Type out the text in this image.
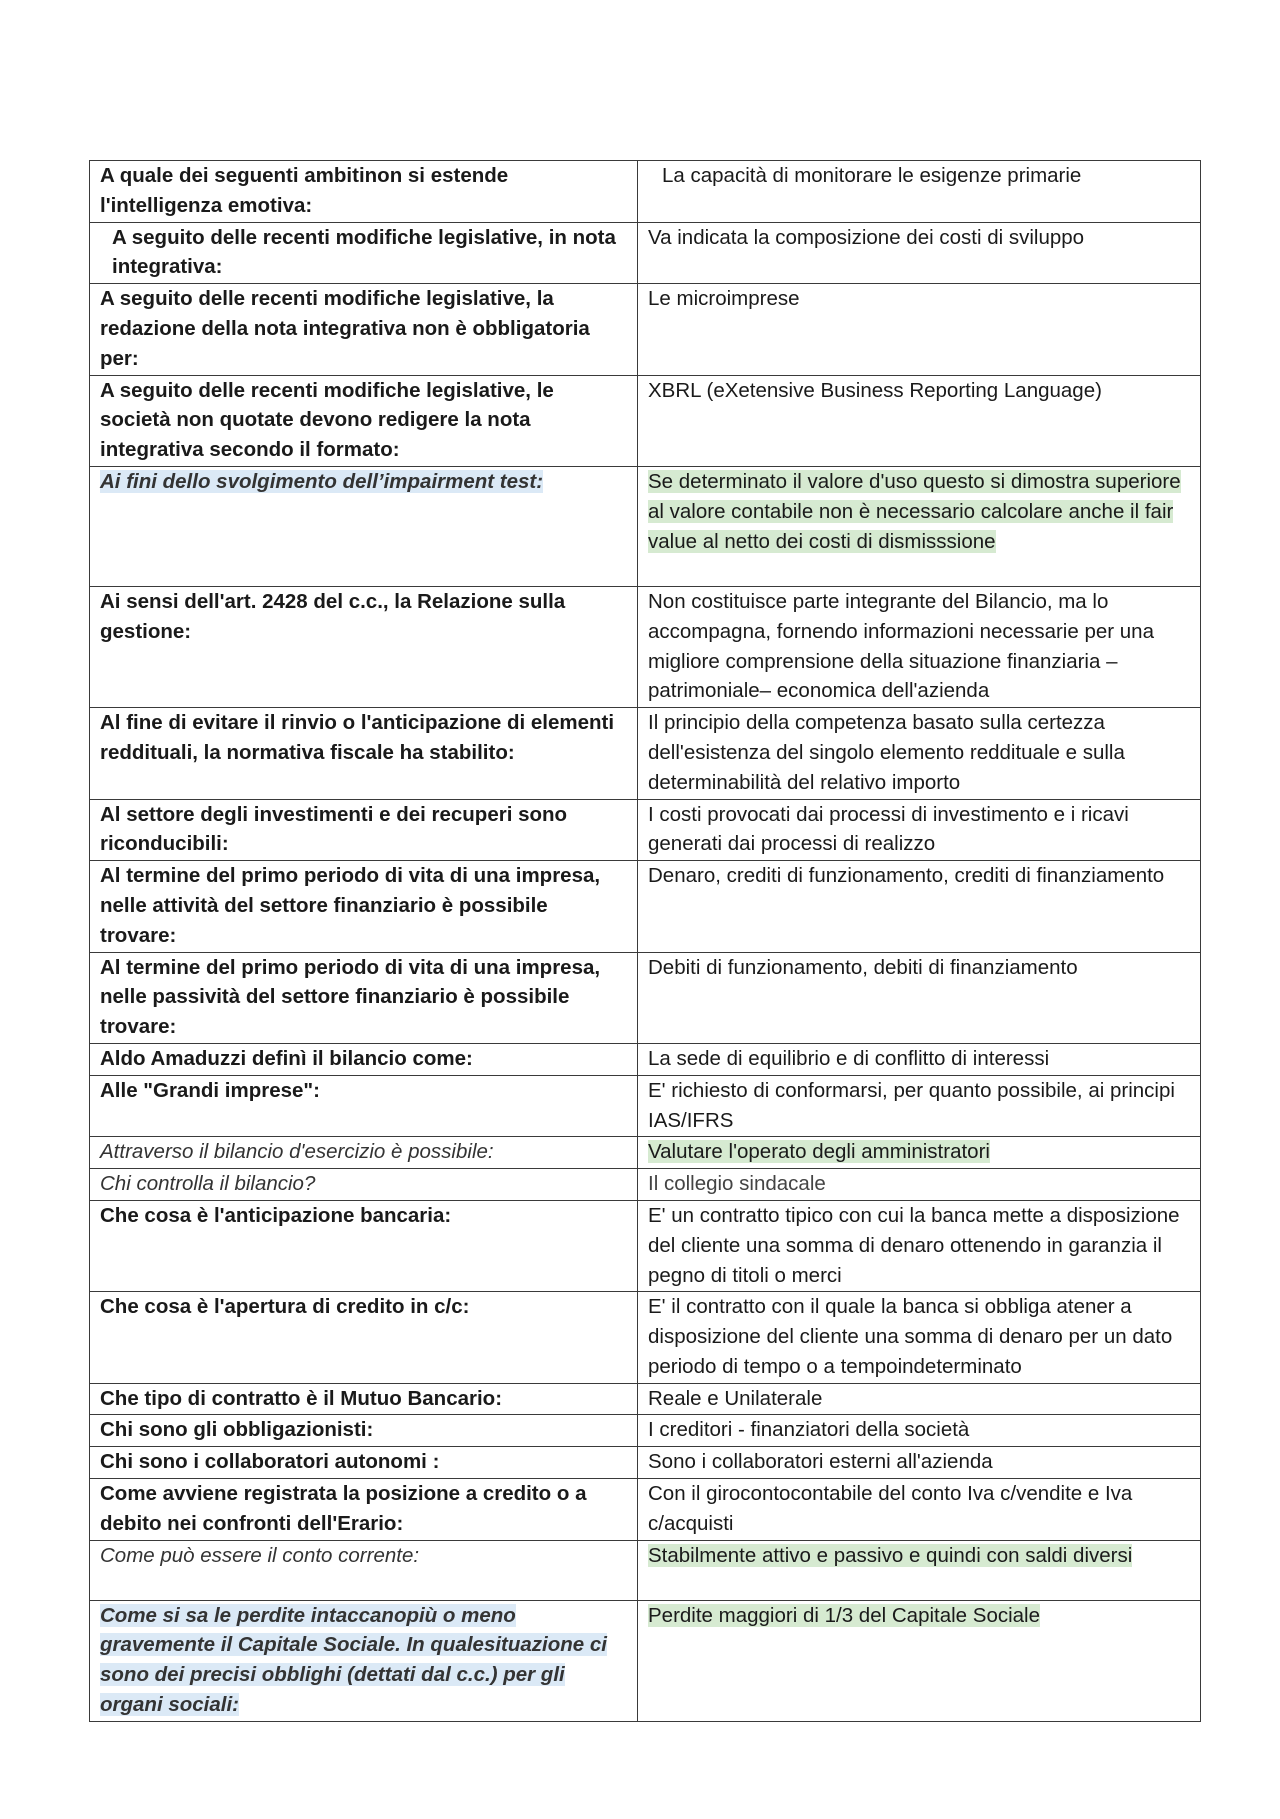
A quale dei seguenti ambitinon si estende l'intelligenza emotiva:	La capacità di monitorare le esigenze primarie
A seguito delle recenti modifiche legislative, in nota integrativa:	Va indicata la composizione dei costi di sviluppo
A seguito delle recenti modifiche legislative, la redazione della nota integrativa non è obbligatoria per:	Le microimprese
A seguito delle recenti modifiche legislative, le società non quotate devono redigere la nota integrativa secondo il formato:	XBRL (eXetensive Business Reporting Language)
Ai fini dello svolgimento dell’impairment test:	Se determinato il valore d'uso questo si dimostra superiore al valore contabile non è necessario calcolare anche il fair value al netto dei costi di dismisssione
Ai sensi dell'art. 2428 del c.c., la Relazione sulla gestione:	Non costituisce parte integrante del Bilancio, ma lo accompagna, fornendo informazioni necessarie per una migliore comprensione della situazione finanziaria – patrimoniale– economica dell'azienda
Al fine di evitare il rinvio o l'anticipazione di elementi reddituali, la normativa fiscale ha stabilito:	Il principio della competenza basato sulla certezza dell'esistenza del singolo elemento reddituale e sulla determinabilità del relativo importo
Al settore degli investimenti e dei recuperi sono riconducibili:	I costi provocati dai processi di investimento e i ricavi generati dai processi di realizzo
Al termine del primo periodo di vita di una impresa, nelle attività del settore finanziario è possibile trovare:	Denaro, crediti di funzionamento, crediti di finanziamento
Al termine del primo periodo di vita di una impresa, nelle passività del settore finanziario è possibile trovare:	Debiti di funzionamento, debiti di finanziamento
Aldo Amaduzzi definì il bilancio come:	La sede di equilibrio e di conflitto di interessi
Alle "Grandi imprese":	E' richiesto di conformarsi, per quanto possibile, ai principi IAS/IFRS
Attraverso il bilancio d'esercizio è possibile:	Valutare l'operato degli amministratori
Chi controlla il bilancio?	Il collegio sindacale
Che cosa è l'anticipazione bancaria:	E' un contratto tipico con cui la banca mette a disposizione del cliente una somma di denaro ottenendo in garanzia il pegno di titoli o merci
Che cosa è l'apertura di credito in c/c:	E' il contratto con il quale la banca si obbliga atener a disposizione del cliente una somma di denaro per un dato periodo di tempo o a tempoindeterminato
Che tipo di contratto è il Mutuo Bancario:	Reale e Unilaterale
Chi sono gli obbligazionisti:	I creditori - finanziatori della società
Chi sono i collaboratori autonomi :	Sono i collaboratori esterni all'azienda
Come avviene registrata la posizione a credito o a debito nei confronti dell'Erario:	Con il girocontocontabile del conto Iva c/vendite e Iva c/acquisti
Come può essere il conto corrente:	Stabilmente attivo e passivo e quindi con saldi diversi
Come si sa le perdite intaccanopiù o meno gravemente il Capitale Sociale. In qualesituazione ci sono dei precisi obblighi (dettati dal c.c.) per gli organi sociali:	Perdite maggiori di 1/3 del Capitale Sociale
